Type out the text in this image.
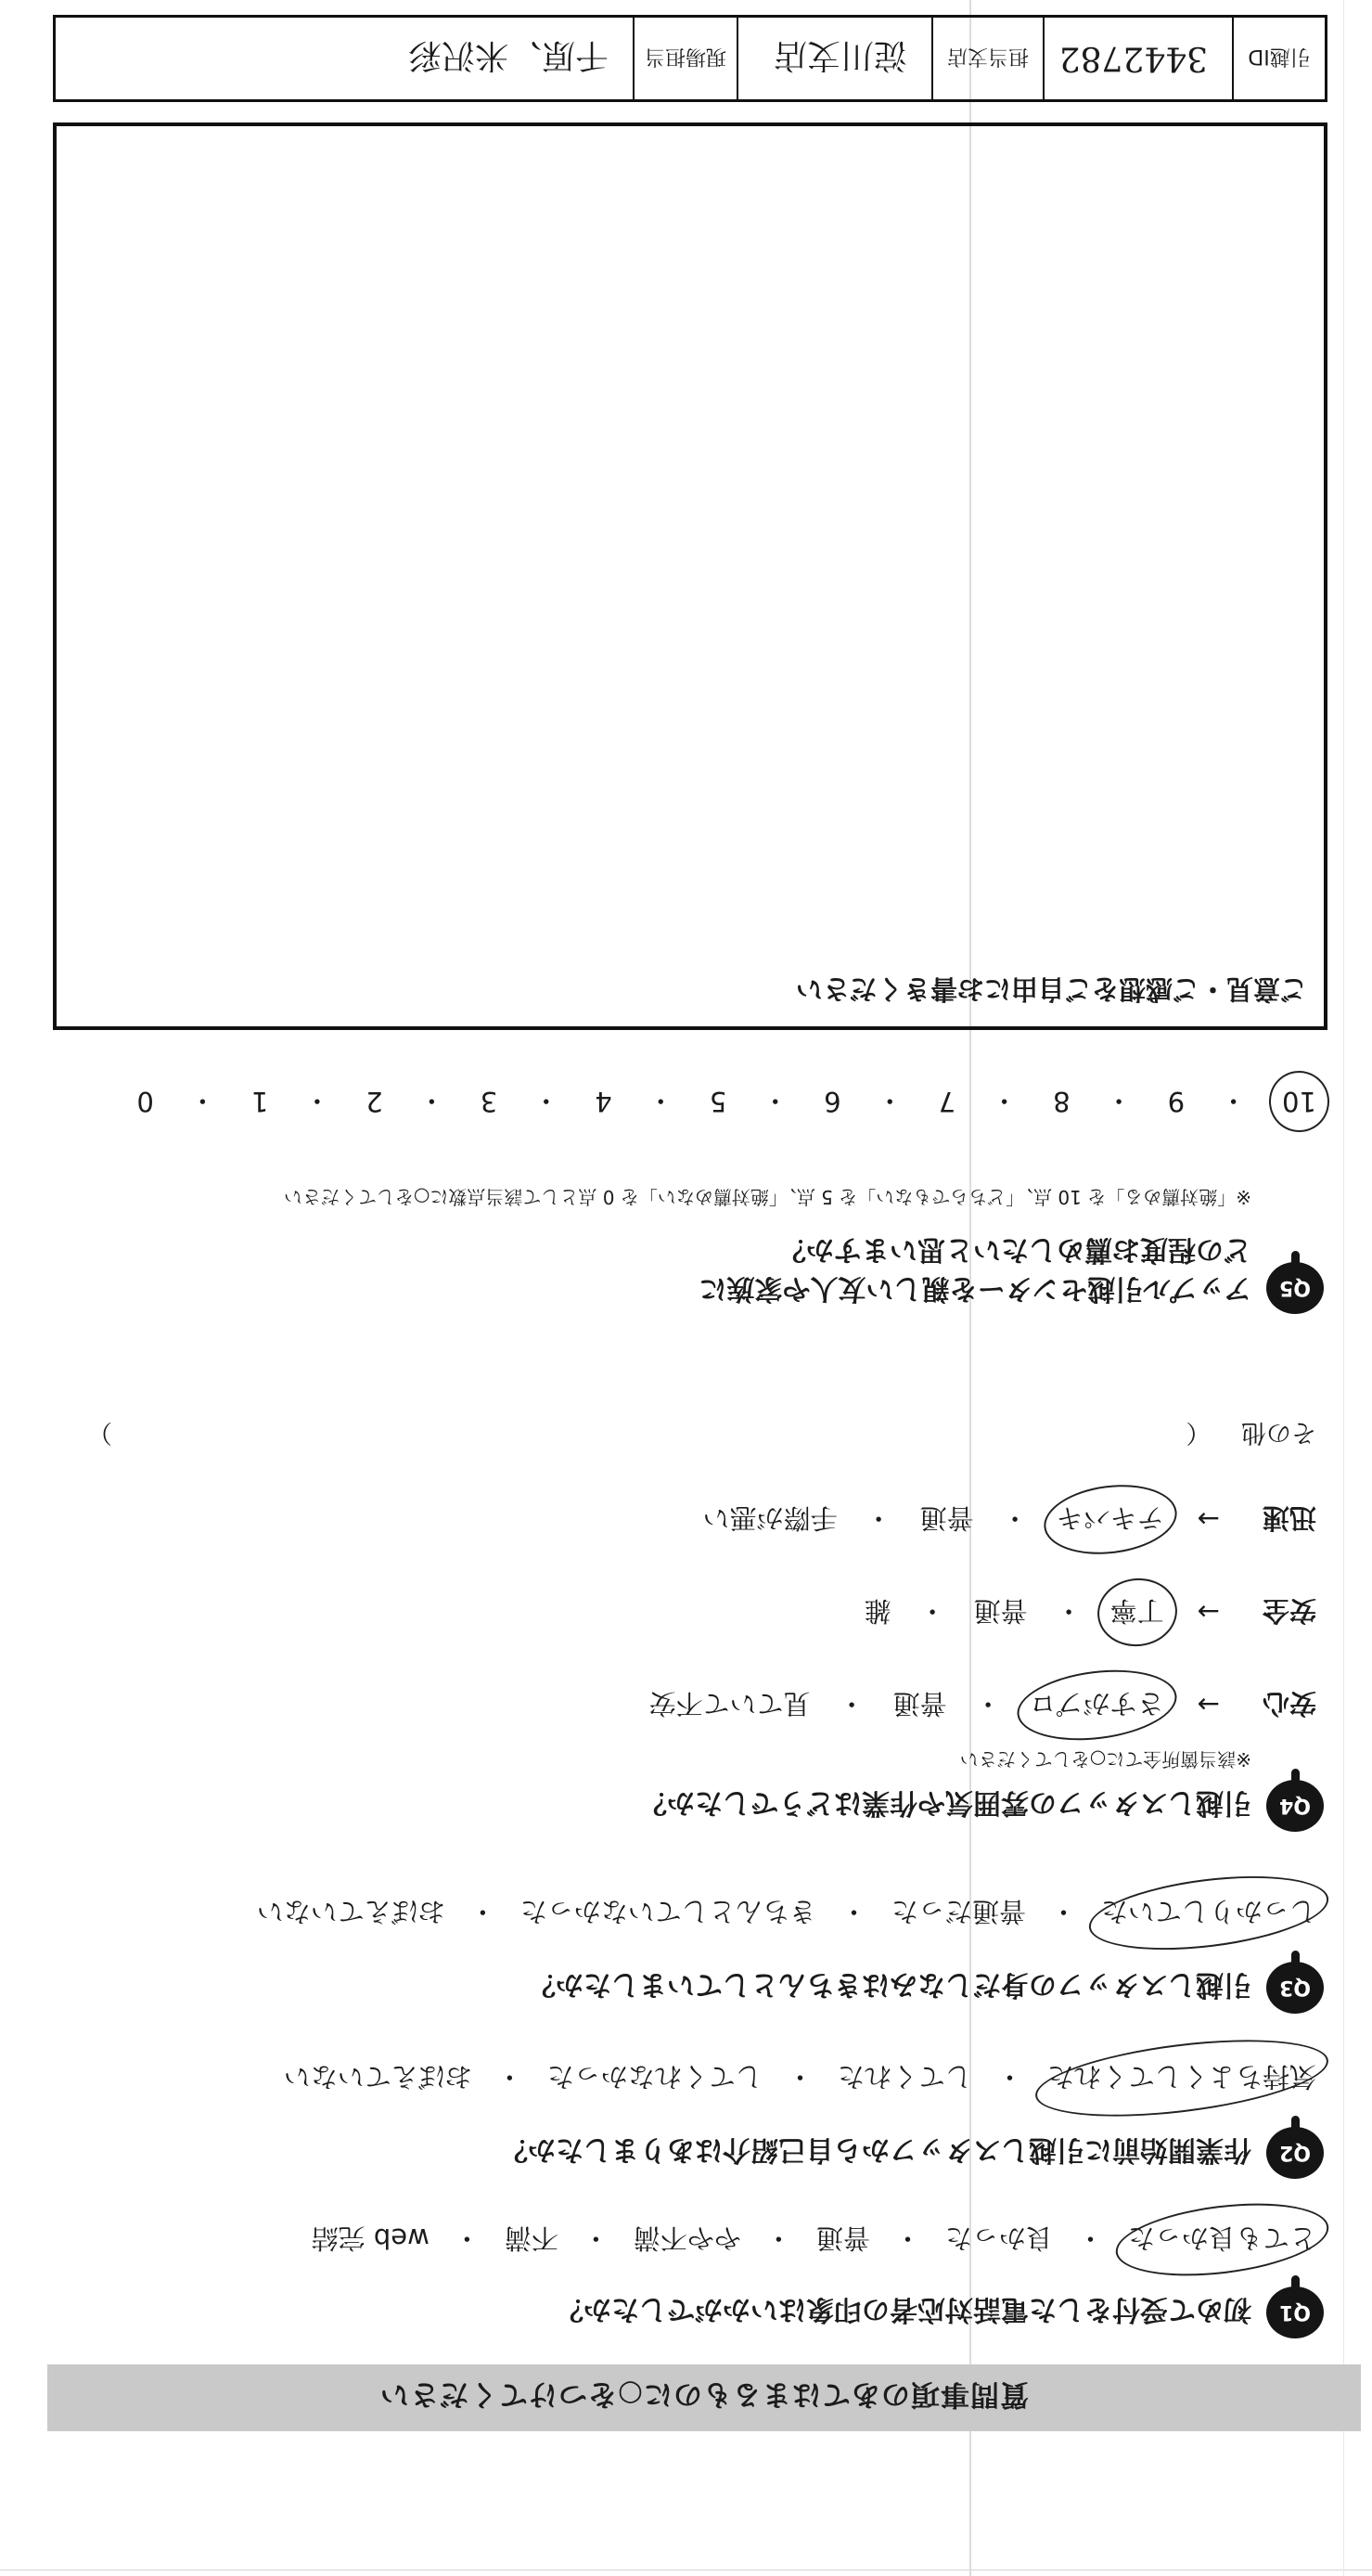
質問事項のあてはまるものに○をつけてください
Q1
初めて受付をした電話対応者の印象はいかがでしたか？
とても良かった
・
良かった
・
普通
・
やや不満
・
不満
・
web 完結
Q2
作業開始前に引越しスタッフから自己紹介はありましたか？
気持ちよくしてくれた
・
してくれた
・
してくれなかった
・
おぼえていない
Q3
引越しスタッフの身だしなみはきちんとしていましたか？
しっかりしていた
・
普通だった
・
きちんとしていなかった
・
おぼえていない
Q4
引越しスタッフの雰囲気や作業はどうでしたか？
※該当箇所全てに○をしてください
安心
→
さすがプロ
・
普通
・
見ていて不安
安全
→
丁寧
・
普通
・
雑
迅速
→
テキパキ
・
普通
・
手際が悪い
その他 （
）
Q5
アップル引越センターを親しい友人や家族に
どの程度お薦めしたいと思いますか？
※「絶対薦める」を 10 点、「どちらでもない」を 5 点、「絶対薦めない」を 0 点として該当点数に○をしてください
10
・
9
・
8
・
7
・
6
・
5
・
4
・
3
・
2
・
1
・
0
ご意見・ご感想をご自由にお書きください
引越ID
3442782
担当支店
淀川支店
現場担当
千原、米沢彩
